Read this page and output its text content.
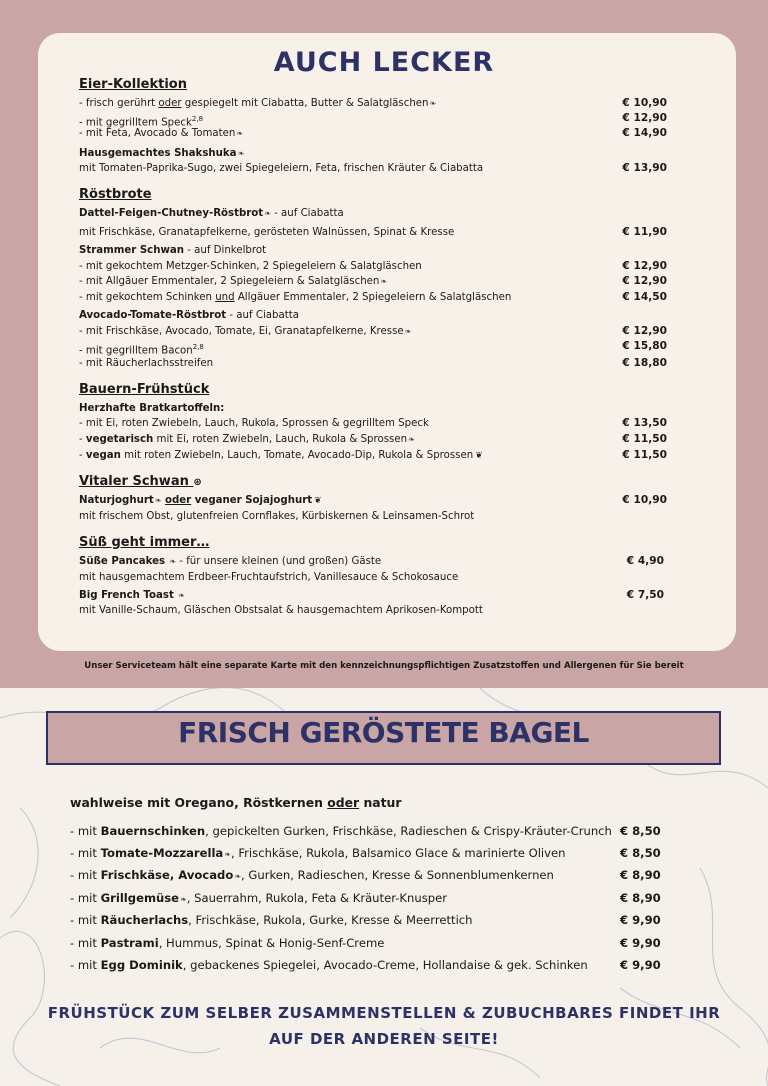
AUCH LECKER
Eier-Kollektion
- frisch gerührt oder gespiegelt mit Ciabatta, Butter & Salatgläschen❧	€ 10,90
- mit gegrilltem Speck$^{2,8}$	€ 12,90
- mit Feta, Avocado & Tomaten❧	€ 14,90
Hausgemachtes Shakshuka❧
mit Tomaten-Paprika-Sugo, zwei Spiegeleiern, Feta, frischen Kräuter & Ciabatta	€ 13,90
Röstbrote
Dattel-Feigen-Chutney-Röstbrot❧ - auf Ciabatta
mit Frischkäse, Granatapfelkerne, gerösteten Walnüssen, Spinat & Kresse	€ 11,90
Strammer Schwan - auf Dinkelbrot
- mit gekochtem Metzger-Schinken, 2 Spiegeleiern & Salatgläschen	€ 12,90
- mit Allgäuer Emmentaler, 2 Spiegeleiern & Salatgläschen❧	€ 12,90
- mit gekochtem Schinken und Allgäuer Emmentaler, 2 Spiegeleiern & Salatgläschen	€ 14,50
Avocado-Tomate-Röstbrot - auf Ciabatta
- mit Frischkäse, Avocado, Tomate, Ei, Granatapfelkerne, Kresse❧	€ 12,90
- mit gegrilltem Bacon$^{2,8}$	€ 15,80
- mit Räucherlachsstreifen	€ 18,80
Bauern-Frühstück
Herzhafte Bratkartoffeln:
- mit Ei, roten Zwiebeln, Lauch, Rukola, Sprossen & gegrilltem Speck	€ 13,50
- vegetarisch mit Ei, roten Zwiebeln, Lauch, Rukola & Sprossen❧	€ 11,50
- vegan mit roten Zwiebeln, Lauch, Tomate, Avocado-Dip, Rukola & Sprossen ❦	€ 11,50
Vitaler Schwan ⊛
Naturjoghurt❧ oder veganer Sojajoghurt ❦	€ 10,90
mit frischem Obst, glutenfreien Cornflakes, Kürbiskernen & Leinsamen-Schrot
Süß geht immer…
Süße Pancakes ❧ - für unsere kleinen (und großen) Gäste	€ 4,90
mit hausgemachtem Erdbeer-Fruchtaufstrich, Vanillesauce & Schokosauce
Big French Toast ❧	€ 7,50
mit Vanille-Schaum, Gläschen Obstsalat & hausgemachtem Aprikosen-Kompott
Unser Serviceteam hält eine separate Karte mit den kennzeichnungspflichtigen Zusatzstoffen und Allergenen für Sie bereit
FRISCH GERÖSTETE BAGEL
wahlweise mit Oregano, Röstkernen oder natur
- mit Bauernschinken, gepickelten Gurken, Frischkäse, Radieschen & Crispy-Kräuter-Crunch € 8,50
- mit Tomate-Mozzarella❧, Frischkäse, Rukola, Balsamico Glace & marinierte Oliven	€ 8,50
- mit Frischkäse, Avocado❧, Gurken, Radieschen, Kresse & Sonnenblumenkernen	€ 8,90
- mit Grillgemüse❧, Sauerrahm, Rukola, Feta & Kräuter-Knusper	€ 8,90
- mit Räucherlachs, Frischkäse, Rukola, Gurke, Kresse & Meerrettich	€ 9,90
- mit Pastrami, Hummus, Spinat & Honig-Senf-Creme	€ 9,90
- mit Egg Dominik, gebackenes Spiegelei, Avocado-Creme, Hollandaise & gek. Schinken	€ 9,90
FRÜHSTÜCK ZUM SELBER ZUSAMMENSTELLEN & ZUBUCHBARES FINDET IHR
AUF DER ANDEREN SEITE!
